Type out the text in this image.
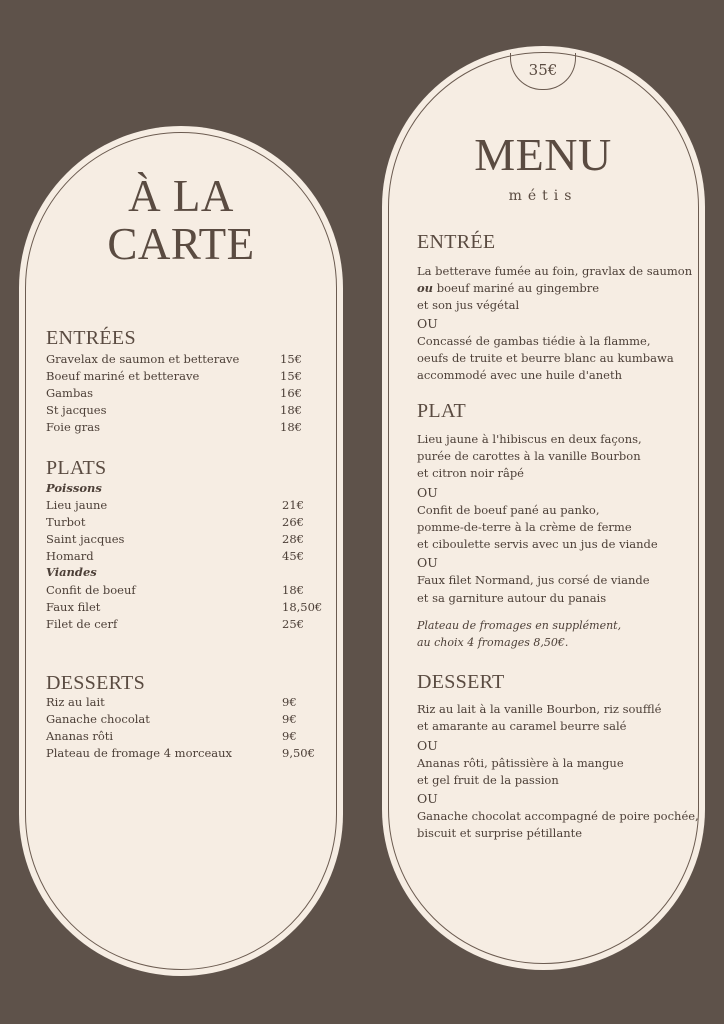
À LA
CARTE
ENTRÉES
Gravelax de saumon et betterave	15€
Boeuf mariné et betterave	15€
Gambas	16€
St jacques	18€
Foie gras	18€
PLATS
Poissons
Lieu jaune	21€
Turbot	26€
Saint jacques	28€
Homard	45€
Viandes
Confit de boeuf	18€
Faux filet	18,50€
Filet de cerf	25€
DESSERTS
Riz au lait	9€
Ganache chocolat	9€
Ananas rôti	9€
Plateau de fromage 4 morceaux	9,50€
35€
MENU
métis
ENTRÉE
La betterave fumée au foin, gravlax de saumon
ou boeuf mariné au gingembre
et son jus végétal
OU
Concassé de gambas tiédie à la flamme,
oeufs de truite et beurre blanc au kumbawa
accommodé avec une huile d'aneth
PLAT
Lieu jaune à l'hibiscus en deux façons,
purée de carottes à la vanille Bourbon
et citron noir râpé
OU
Confit de boeuf pané au panko,
pomme-de-terre à la crème de ferme
et ciboulette servis avec un jus de viande
OU
Faux filet Normand, jus corsé de viande
et sa garniture autour du panais
Plateau de fromages en supplément,
au choix 4 fromages 8,50€.
DESSERT
Riz au lait à la vanille Bourbon, riz soufflé
et amarante au caramel beurre salé
OU
Ananas rôti, pâtissière à la mangue
et gel fruit de la passion
OU
Ganache chocolat accompagné de poire pochée,
biscuit et surprise pétillante
